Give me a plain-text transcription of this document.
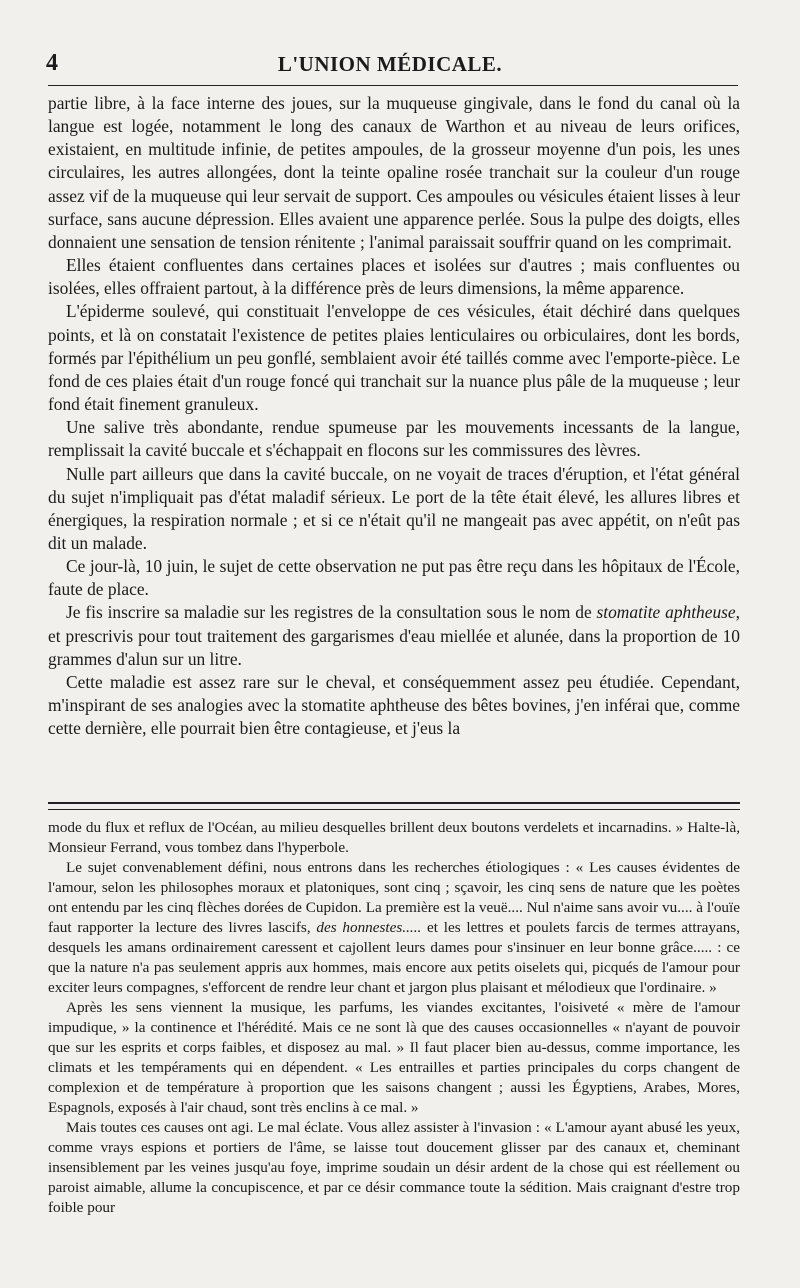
4	L'UNION MÉDICALE.

partie libre, à la face interne des joues, sur la muqueuse gingivale, dans le fond du canal où la langue est logée, notamment le long des canaux de Warthon et au niveau de leurs orifices, existaient, en multitude infinie, de petites ampoules, de la grosseur moyenne d'un pois, les unes circulaires, les autres allongées, dont la teinte opaline rosée tranchait sur la couleur d'un rouge assez vif de la muqueuse qui leur servait de support. Ces ampoules ou vésicules étaient lisses à leur surface, sans aucune dépression. Elles avaient une apparence perlée. Sous la pulpe des doigts, elles donnaient une sensation de tension rénitente ; l'animal paraissait souffrir quand on les comprimait.

Elles étaient confluentes dans certaines places et isolées sur d'autres ; mais confluentes ou isolées, elles offraient partout, à la différence près de leurs dimensions, la même apparence.

L'épiderme soulevé, qui constituait l'enveloppe de ces vésicules, était déchiré dans quelques points, et là on constatait l'existence de petites plaies lenticulaires ou orbiculaires, dont les bords, formés par l'épithélium un peu gonflé, semblaient avoir été taillés comme avec l'emporte-pièce. Le fond de ces plaies était d'un rouge foncé qui tranchait sur la nuance plus pâle de la muqueuse ; leur fond était finement granuleux.

Une salive très abondante, rendue spumeuse par les mouvements incessants de la langue, remplissait la cavité buccale et s'échappait en flocons sur les commissures des lèvres.

Nulle part ailleurs que dans la cavité buccale, on ne voyait de traces d'éruption, et l'état général du sujet n'impliquait pas d'état maladif sérieux. Le port de la tête était élevé, les allures libres et énergiques, la respiration normale ; et si ce n'était qu'il ne mangeait pas avec appétit, on n'eût pas dit un malade.

Ce jour-là, 10 juin, le sujet de cette observation ne put pas être reçu dans les hôpitaux de l'École, faute de place.

Je fis inscrire sa maladie sur les registres de la consultation sous le nom de stomatite aphtheuse, et prescrivis pour tout traitement des gargarismes d'eau miellée et alunée, dans la proportion de 10 grammes d'alun sur un litre.

Cette maladie est assez rare sur le cheval, et conséquemment assez peu étudiée. Cependant, m'inspirant de ses analogies avec la stomatite aphtheuse des bêtes bovines, j'en inférai que, comme cette dernière, elle pourrait bien être contagieuse, et j'eus la

mode du flux et reflux de l'Océan, au milieu desquelles brillent deux boutons verdelets et incarnadins. » Halte-là, Monsieur Ferrand, vous tombez dans l'hyperbole.

Le sujet convenablement défini, nous entrons dans les recherches étiologiques : « Les causes évidentes de l'amour, selon les philosophes moraux et platoniques, sont cinq ; sçavoir, les cinq sens de nature que les poètes ont entendu par les cinq flèches dorées de Cupidon. La première est la veuë.... Nul n'aime sans avoir vu.... à l'ouïe faut rapporter la lecture des livres lascifs, des honnestes..... et les lettres et poulets farcis de termes attrayans, desquels les amans ordinairement caressent et cajollent leurs dames pour s'insinuer en leur bonne grâce..... : ce que la nature n'a pas seulement appris aux hommes, mais encore aux petits oiselets qui, picqués de l'amour pour exciter leurs compagnes, s'efforcent de rendre leur chant et jargon plus plaisant et mélodieux que l'ordinaire. »

Après les sens viennent la musique, les parfums, les viandes excitantes, l'oisiveté « mère de l'amour impudique, » la continence et l'hérédité. Mais ce ne sont là que des causes occasionnelles « n'ayant de pouvoir que sur les esprits et corps faibles, et disposez au mal. » Il faut placer bien au-dessus, comme importance, les climats et les tempéraments qui en dépendent. « Les entrailles et parties principales du corps changent de complexion et de température à proportion que les saisons changent ; aussi les Égyptiens, Arabes, Mores, Espagnols, exposés à l'air chaud, sont très enclins à ce mal. »

Mais toutes ces causes ont agi. Le mal éclate. Vous allez assister à l'invasion : « L'amour ayant abusé les yeux, comme vrays espions et portiers de l'âme, se laisse tout doucement glisser par des canaux et, cheminant insensiblement par les veines jusqu'au foye, imprime soudain un désir ardent de la chose qui est réellement ou paroist aimable, allume la concupiscence, et par ce désir commance toute la sédition. Mais craignant d'estre trop foible pour
